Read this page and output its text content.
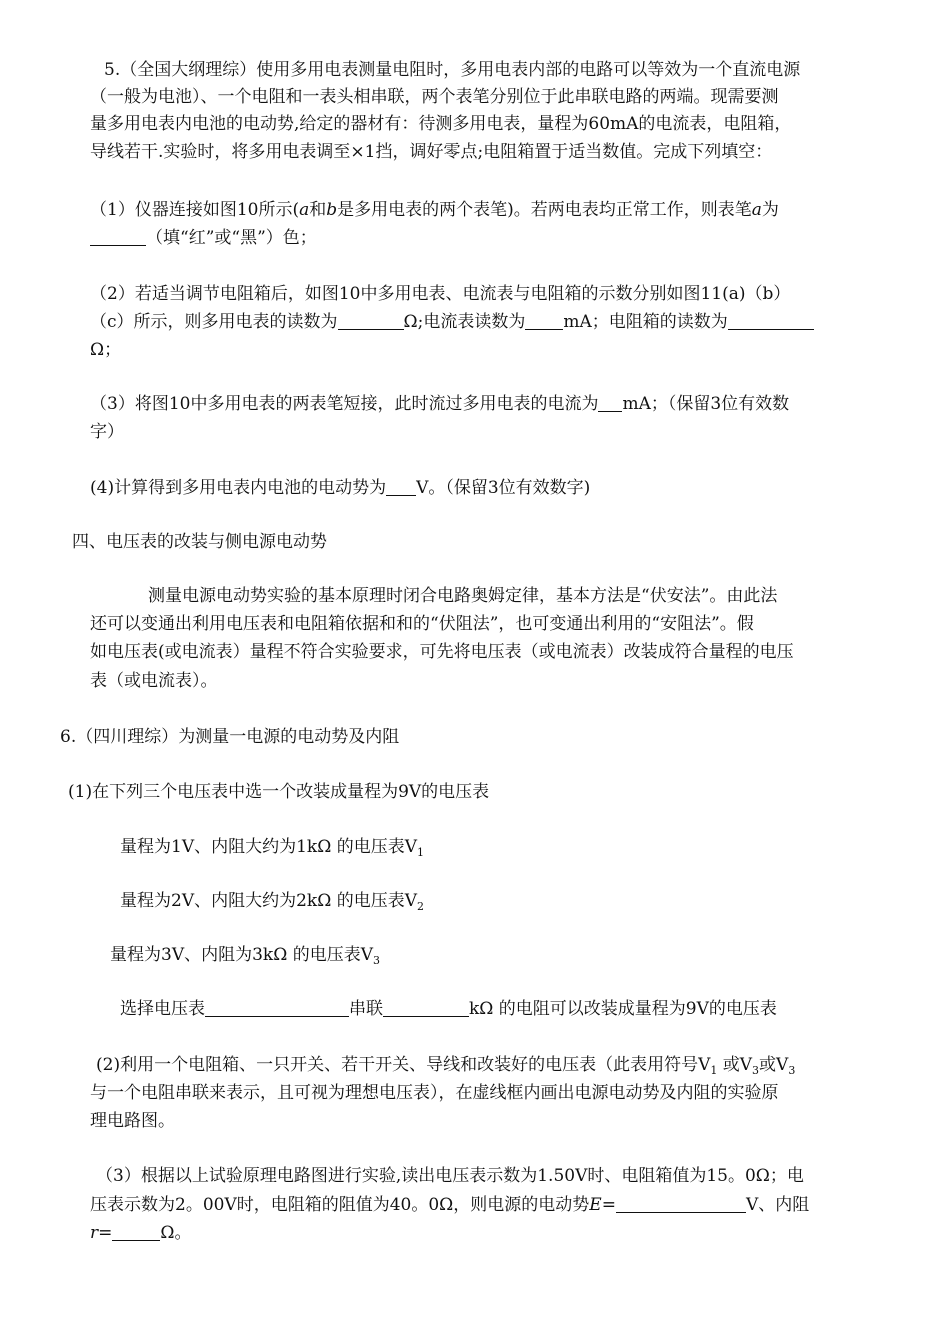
5.（全国大纲理综）使用多用电表测量电阻时，多用电表内部的电路可以等效为一个直流电源

（一般为电池）、一个电阻和一表头相串联，两个表笔分别位于此串联电路的两端。现需要测

量多用电表内电池的电动势,给定的器材有：待测多用电表，量程为60mA的电流表，电阻箱，

导线若干.实验时，将多用电表调至×1挡，调好零点;电阻箱置于适当数值。完成下列填空：

（1）仪器连接如图10所示(a和b是多用电表的两个表笔)。若两电表均正常工作，则表笔a为

（填“红”或“黑”）色；

（2）若适当调节电阻箱后，如图10中多用电表、电流表与电阻箱的示数分别如图11(a)（b）

（c）所示，则多用电表的读数为	Ω;电流表读数为 mA；电阻箱的读数为

Ω；

（3）将图10中多用电表的两表笔短接，此时流过多用电表的电流为 mA；（保留3位有效数

字）

(4)计算得到多用电表内电池的电动势为 V。（保留3位有效数字)

四、电压表的改装与侧电源电动势

测量电源电动势实验的基本原理时闭合电路奥姆定律，基本方法是“伏安法”。由此法

还可以变通出利用电压表和电阻箱依据和和的“伏阻法”，也可变通出利用的“安阻法”。假

如电压表(或电流表）量程不符合实验要求，可先将电压表（或电流表）改装成符合量程的电压

表（或电流表）。

6.（四川理综）为测量一电源的电动势及内阻

(1)在下列三个电压表中选一个改装成量程为9V的电压表

量程为1V、内阻大约为1kΩ 的电压表$V_1$

量程为2V、内阻大约为2kΩ 的电压表$V_2$

量程为3V、内阻为3kΩ 的电压表$V_3$

选择电压表	串联	kΩ 的电阻可以改装成量程为9V的电压表

(2)利用一个电阻箱、一只开关、若干开关、导线和改装好的电压表（此表用符号$V_1$ 或$V_3$或$V_3$

与一个电阻串联来表示，且可视为理想电压表），在虚线框内画出电源电动势及内阻的实验原

理电路图。

（3）根据以上试验原理电路图进行实验,读出电压表示数为1.50V时、电阻箱值为15。0Ω；电

压表示数为2。00V时，电阻箱的阻值为40。0Ω，则电源的电动势E=	V、内阻

r=	Ω。
